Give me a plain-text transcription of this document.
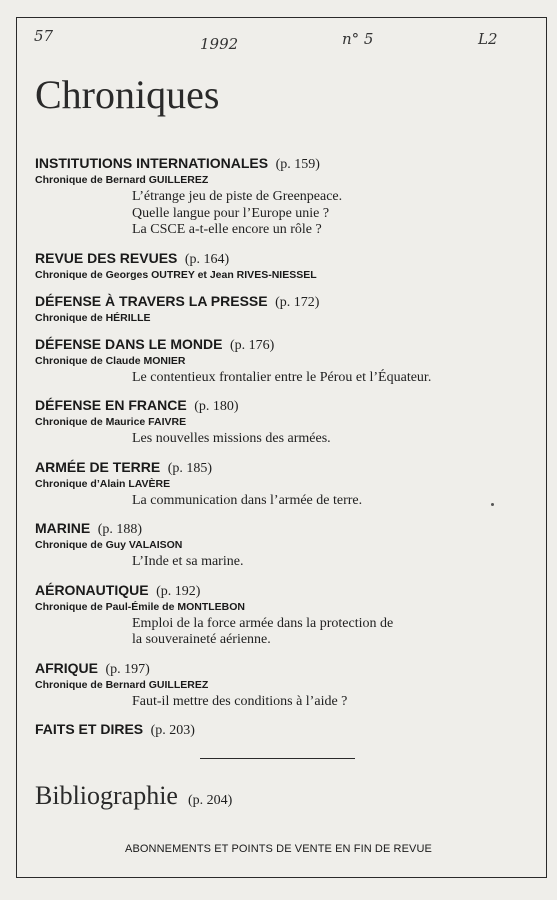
57	1992	n° 5	L2
Chroniques
INSTITUTIONS INTERNATIONALES (p. 159)
Chronique de Bernard GUILLEREZ
L’étrange jeu de piste de Greenpeace.
Quelle langue pour l’Europe unie ?
La CSCE a-t-elle encore un rôle ?
REVUE DES REVUES (p. 164)
Chronique de Georges OUTREY et Jean RIVES-NIESSEL
DÉFENSE À TRAVERS LA PRESSE (p. 172)
Chronique de HÉRILLE
DÉFENSE DANS LE MONDE (p. 176)
Chronique de Claude MONIER
Le contentieux frontalier entre le Pérou et l’Équateur.
DÉFENSE EN FRANCE (p. 180)
Chronique de Maurice FAIVRE
Les nouvelles missions des armées.
ARMÉE DE TERRE (p. 185)
Chronique d’Alain LAVÈRE
La communication dans l’armée de terre.
MARINE (p. 188)
Chronique de Guy VALAISON
L’Inde et sa marine.
AÉRONAUTIQUE (p. 192)
Chronique de Paul-Émile de MONTLEBON
Emploi de la force armée dans la protection de
la souveraineté aérienne.
AFRIQUE (p. 197)
Chronique de Bernard GUILLEREZ
Faut-il mettre des conditions à l’aide ?
FAITS ET DIRES (p. 203)
Bibliographie (p. 204)
ABONNEMENTS ET POINTS DE VENTE EN FIN DE REVUE
